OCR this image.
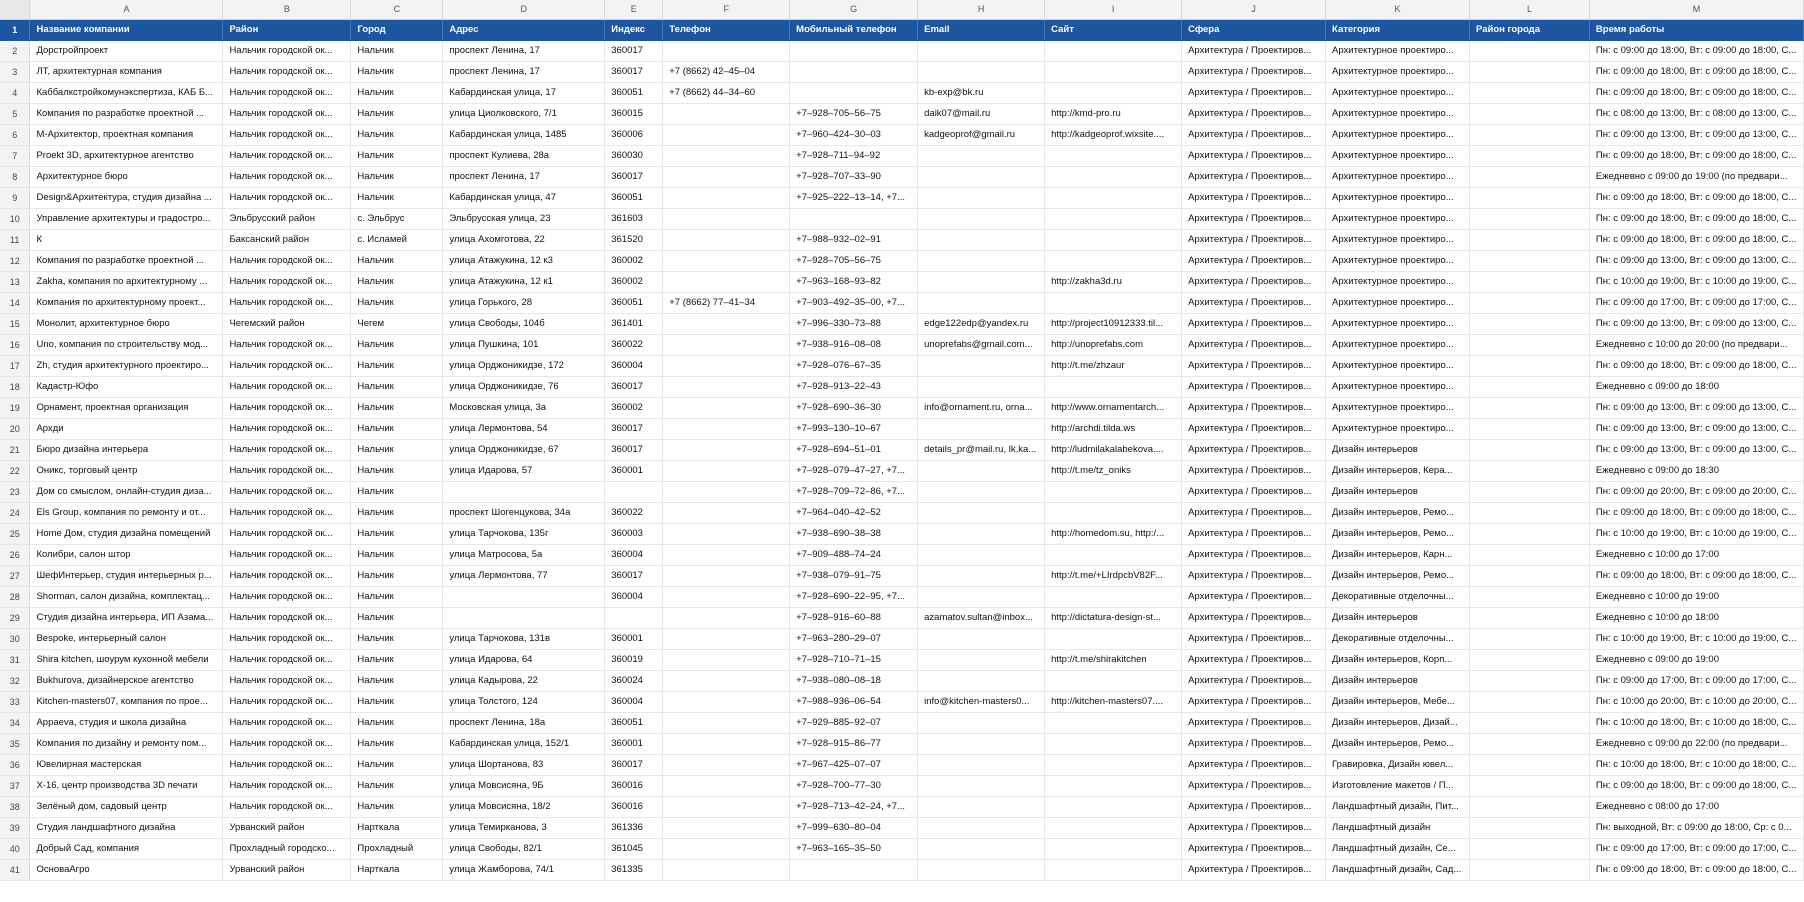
	A	B	C	D	E	F	G	H	I	J	K	L	M
1	Название компании	Район	Город	Адрес	Индекс	Телефон	Мобильный телефон	Email	Сайт	Сфера	Категория	Район города	Время работы
2	Дорстройпроект	Нальчик городской ок...	Нальчик	проспект Ленина, 17	360017					Архитектура / Проектиров...	Архитектурное проектиро...		Пн: с 09:00 до 18:00, Вт: с 09:00 до 18:00, С...
3	ЛТ, архитектурная компания	Нальчик городской ок...	Нальчик	проспект Ленина, 17	360017	+7 (8662) 42‒45‒04				Архитектура / Проектиров...	Архитектурное проектиро...		Пн: с 09:00 до 18:00, Вт: с 09:00 до 18:00, С...
4	Каббалкстройкомунэкспертиза, КАБ Б...	Нальчик городской ок...	Нальчик	Кабардинская улица, 17	360051	+7 (8662) 44‒34‒60		kb-exp@bk.ru		Архитектура / Проектиров...	Архитектурное проектиро...		Пн: с 09:00 до 18:00, Вт: с 09:00 до 18:00, С...
5	Компания по разработке проектной ...	Нальчик городской ок...	Нальчик	улица Циолковского, 7/1	360015		+7‒928‒705‒56‒75	daik07@mail.ru	http://kmd-pro.ru	Архитектура / Проектиров...	Архитектурное проектиро...		Пн: с 08:00 до 13:00, Вт: с 08:00 до 13:00, С...
6	М-Архитектор, проектная компания	Нальчик городской ок...	Нальчик	Кабардинская улица, 1485	360006		+7‒960‒424‒30‒03	kadgeoprof@gmail.ru	http://kadgeoprof.wixsite....	Архитектура / Проектиров...	Архитектурное проектиро...		Пн: с 09:00 до 13:00, Вт: с 09:00 до 13:00, С...
7	Proekt 3D, архитектурное агентство	Нальчик городской ок...	Нальчик	проспект Кулиева, 28а	360030		+7‒928‒711‒94‒92			Архитектура / Проектиров...	Архитектурное проектиро...		Пн: с 09:00 до 18:00, Вт: с 09:00 до 18:00, С...
8	Архитектурное бюро	Нальчик городской ок...	Нальчик	проспект Ленина, 17	360017		+7‒928‒707‒33‒90			Архитектура / Проектиров...	Архитектурное проектиро...		Ежедневно с 09:00 до 19:00 (по предвари...
9	Design&Архитектура, студия дизайна ...	Нальчик городской ок...	Нальчик	Кабардинская улица, 47	360051		+7‒925‒222‒13‒14, +7...			Архитектура / Проектиров...	Архитектурное проектиро...		Пн: с 09:00 до 18:00, Вт: с 09:00 до 18:00, С...
10	Управление архитектуры и градостро...	Эльбрусский район	с. Эльбрус	Эльбрусская улица, 23	361603					Архитектура / Проектиров...	Архитектурное проектиро...		Пн: с 09:00 до 18:00, Вт: с 09:00 до 18:00, С...
11	К	Баксанский район	с. Исламей	улица Ахомготова, 22	361520		+7‒988‒932‒02‒91			Архитектура / Проектиров...	Архитектурное проектиро...		Пн: с 09:00 до 18:00, Вт: с 09:00 до 18:00, С...
12	Компания по разработке проектной ...	Нальчик городской ок...	Нальчик	улица Атажукина, 12 к3	360002		+7‒928‒705‒56‒75			Архитектура / Проектиров...	Архитектурное проектиро...		Пн: с 09:00 до 13:00, Вт: с 09:00 до 13:00, С...
13	Zakha, компания по архитектурному ...	Нальчик городской ок...	Нальчик	улица Атажукина, 12 к1	360002		+7‒963‒168‒93‒82		http://zakha3d.ru	Архитектура / Проектиров...	Архитектурное проектиро...		Пн: с 10:00 до 19:00, Вт: с 10:00 до 19:00, С...
14	Компания по архитектурному проект...	Нальчик городской ок...	Нальчик	улица Горького, 28	360051	+7 (8662) 77‒41‒34	+7‒903‒492‒35‒00, +7...			Архитектура / Проектиров...	Архитектурное проектиро...		Пн: с 09:00 до 17:00, Вт: с 09:00 до 17:00, С...
15	Монолит, архитектурное бюро	Чегемский район	Чегем	улица Свободы, 104б	361401		+7‒996‒330‒73‒88	edge122edp@yandex.ru	http://project10912333.til...	Архитектура / Проектиров...	Архитектурное проектиро...		Пн: с 09:00 до 13:00, Вт: с 09:00 до 13:00, С...
16	Uno, компания по строительству мод...	Нальчик городской ок...	Нальчик	улица Пушкина, 101	360022		+7‒938‒916‒08‒08	unoprefabs@gmail.com...	http://unoprefabs.com	Архитектура / Проектиров...	Архитектурное проектиро...		Ежедневно с 10:00 до 20:00 (по предвари...
17	Zh, студия архитектурного проектиро...	Нальчик городской ок...	Нальчик	улица Орджоникидзе, 172	360004		+7‒928‒076‒67‒35		http://t.me/zhzaur	Архитектура / Проектиров...	Архитектурное проектиро...		Пн: с 09:00 до 18:00, Вт: с 09:00 до 18:00, С...
18	Кадастр-Юфо	Нальчик городской ок...	Нальчик	улица Орджоникидзе, 76	360017		+7‒928‒913‒22‒43			Архитектура / Проектиров...	Архитектурное проектиро...		Ежедневно с 09:00 до 18:00
19	Орнамент, проектная организация	Нальчик городской ок...	Нальчик	Московская улица, 3а	360002		+7‒928‒690‒36‒30	info@ornament.ru, orna...	http://www.ornamentarch...	Архитектура / Проектиров...	Архитектурное проектиро...		Пн: с 09:00 до 13:00, Вт: с 09:00 до 13:00, С...
20	Архди	Нальчик городской ок...	Нальчик	улица Лермонтова, 54	360017		+7‒993‒130‒10‒67		http://archdi.tilda.ws	Архитектура / Проектиров...	Архитектурное проектиро...		Пн: с 09:00 до 13:00, Вт: с 09:00 до 13:00, С...
21	Бюро дизайна интерьера	Нальчик городской ок...	Нальчик	улица Орджоникидзе, 67	360017		+7‒928‒694‒51‒01	details_pr@mail.ru, lk.ka...	http://ludmilakalabekova....	Архитектура / Проектиров...	Дизайн интерьеров		Пн: с 09:00 до 13:00, Вт: с 09:00 до 13:00, С...
22	Оникс, торговый центр	Нальчик городской ок...	Нальчик	улица Идарова, 57	360001		+7‒928‒079‒47‒27, +7...		http://t.me/tz_oniks	Архитектура / Проектиров...	Дизайн интерьеров, Кера...		Ежедневно с 09:00 до 18:30
23	Дом со смыслом, онлайн-студия диза...	Нальчик городской ок...	Нальчик				+7‒928‒709‒72‒86, +7...			Архитектура / Проектиров...	Дизайн интерьеров		Пн: с 09:00 до 20:00, Вт: с 09:00 до 20:00, С...
24	Els Group, компания по ремонту и от...	Нальчик городской ок...	Нальчик	проспект Шогенцукова, 34а	360022		+7‒964‒040‒42‒52			Архитектура / Проектиров...	Дизайн интерьеров, Ремо...		Пн: с 09:00 до 18:00, Вт: с 09:00 до 18:00, С...
25	Home Дом, студия дизайна помещений	Нальчик городской ок...	Нальчик	улица Тарчокова, 135г	360003		+7‒938‒690‒38‒38		http://homedom.su, http:/...	Архитектура / Проектиров...	Дизайн интерьеров, Ремо...		Пн: с 10:00 до 19:00, Вт: с 10:00 до 19:00, С...
26	Колибри, салон штор	Нальчик городской ок...	Нальчик	улица Матросова, 5а	360004		+7‒909‒488‒74‒24			Архитектура / Проектиров...	Дизайн интерьеров, Карн...		Ежедневно с 10:00 до 17:00
27	ШефИнтерьер, студия интерьерных р...	Нальчик городской ок...	Нальчик	улица Лермонтова, 77	360017		+7‒938‒079‒91‒75		http://t.me/+LIrdpcbV82F...	Архитектура / Проектиров...	Дизайн интерьеров, Ремо...		Пн: с 09:00 до 18:00, Вт: с 09:00 до 18:00, С...
28	Shorman, салон дизайна, комплектац...	Нальчик городской ок...	Нальчик		360004		+7‒928‒690‒22‒95, +7...			Архитектура / Проектиров...	Декоративные отделочны...		Ежедневно с 10:00 до 19:00
29	Студия дизайна интерьера, ИП Азама...	Нальчик городской ок...	Нальчик				+7‒928‒916‒60‒88	azamatov.sultan@inbox...	http://dictatura-design-st...	Архитектура / Проектиров...	Дизайн интерьеров		Ежедневно с 10:00 до 18:00
30	Bespoke, интерьерный салон	Нальчик городской ок...	Нальчик	улица Тарчокова, 131в	360001		+7‒963‒280‒29‒07			Архитектура / Проектиров...	Декоративные отделочны...		Пн: с 10:00 до 19:00, Вт: с 10:00 до 19:00, С...
31	Shira kitchen, шоурум кухонной мебели	Нальчик городской ок...	Нальчик	улица Идарова, 64	360019		+7‒928‒710‒71‒15		http://t.me/shirakitchen	Архитектура / Проектиров...	Дизайн интерьеров, Корп...		Ежедневно с 09:00 до 19:00
32	Bukhurova, дизайнерское агентство	Нальчик городской ок...	Нальчик	улица Кадырова, 22	360024		+7‒938‒080‒08‒18			Архитектура / Проектиров...	Дизайн интерьеров		Пн: с 09:00 до 17:00, Вт: с 09:00 до 17:00, С...
33	Kitchen-masters07, компания по прое...	Нальчик городской ок...	Нальчик	улица Толстого, 124	360004		+7‒988‒936‒06‒54	info@kitchen-masters0...	http://kitchen-masters07....	Архитектура / Проектиров...	Дизайн интерьеров, Мебе...		Пн: с 10:00 до 20:00, Вт: с 10:00 до 20:00, С...
34	Appaeva, студия и школа дизайна	Нальчик городской ок...	Нальчик	проспект Ленина, 18а	360051		+7‒929‒885‒92‒07			Архитектура / Проектиров...	Дизайн интерьеров, Дизай...		Пн: с 10:00 до 18:00, Вт: с 10:00 до 18:00, С...
35	Компания по дизайну и ремонту пом...	Нальчик городской ок...	Нальчик	Кабардинская улица, 152/1	360001		+7‒928‒915‒86‒77			Архитектура / Проектиров...	Дизайн интерьеров, Ремо...		Ежедневно с 09:00 до 22:00 (по предвари...
36	Ювелирная мастерская	Нальчик городской ок...	Нальчик	улица Шортанова, 83	360017		+7‒967‒425‒07‒07			Архитектура / Проектиров...	Гравировка, Дизайн ювел...		Пн: с 10:00 до 18:00, Вт: с 10:00 до 18:00, С...
37	Х-16, центр производства 3D печати	Нальчик городской ок...	Нальчик	улица Мовсисяна, 9Б	360016		+7‒928‒700‒77‒30			Архитектура / Проектиров...	Изготовление макетов / П...		Пн: с 09:00 до 18:00, Вт: с 09:00 до 18:00, С...
38	Зелёный дом, садовый центр	Нальчик городской ок...	Нальчик	улица Мовсисяна, 18/2	360016		+7‒928‒713‒42‒24, +7...			Архитектура / Проектиров...	Ландшафтный дизайн, Пит...		Ежедневно с 08:00 до 17:00
39	Студия ландшафтного дизайна	Урванский район	Нарткала	улица Темирканова, 3	361336		+7‒999‒630‒80‒04			Архитектура / Проектиров...	Ландшафтный дизайн		Пн: выходной, Вт: с 09:00 до 18:00, Ср: с 0...
40	Добрый Сад, компания	Прохладный городско...	Прохладный	улица Свободы, 82/1	361045		+7‒963‒165‒35‒50			Архитектура / Проектиров...	Ландшафтный дизайн, Се...		Пн: с 09:00 до 17:00, Вт: с 09:00 до 17:00, С...
41	ОсноваАгро	Урванский район	Нарткала	улица Жамборова, 74/1	361335					Архитектура / Проектиров...	Ландшафтный дизайн, Сад...		Пн: с 09:00 до 18:00, Вт: с 09:00 до 18:00, С...
